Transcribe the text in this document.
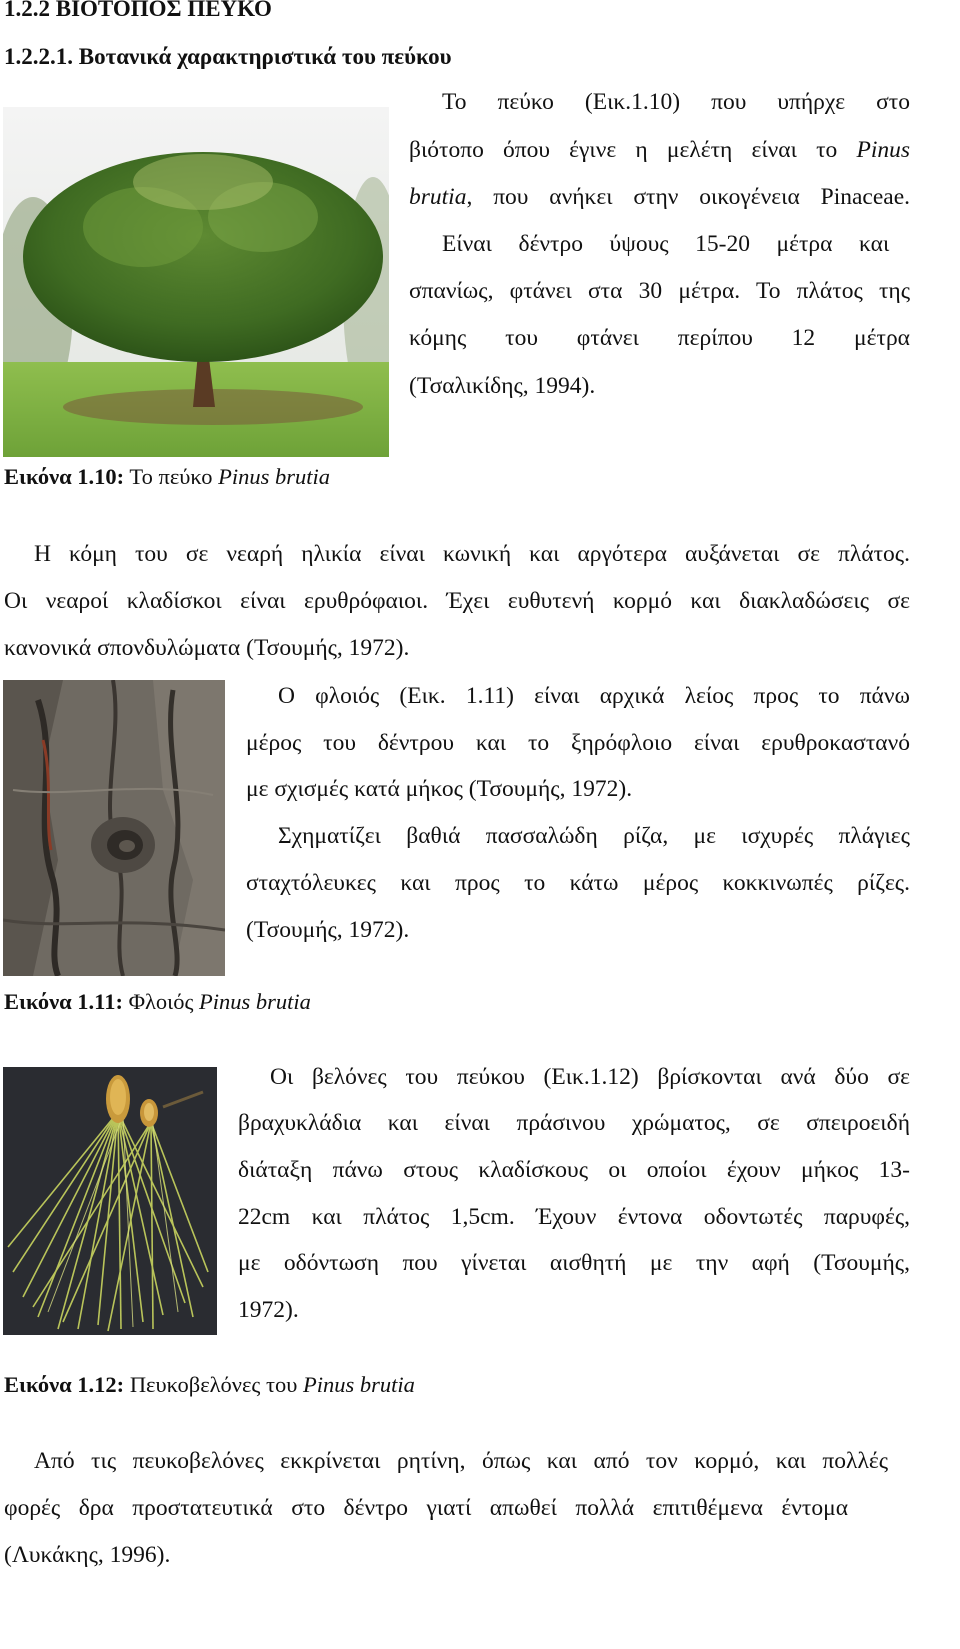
1.2.2 ΒΙΟΤΟΠΟΣ ΠΕΥΚΟ
1.2.2.1. Βοτανικά χαρακτηριστικά του πεύκου
Το πεύκο (Εικ.1.10) που υπήρχε στο
βιότοπο όπου έγινε η μελέτη είναι το Pinus
brutia, που ανήκει στην οικογένεια Pinaceae.
Είναι δέντρο ύψους 15-20 μέτρα και
σπανίως, φτάνει στα 30 μέτρα. Το πλάτος της
κόμης του φτάνει περίπου 12 μέτρα
(Τσαλικίδης, 1994).
Εικόνα 1.10: Το πεύκο Pinus brutia
Η κόμη του σε νεαρή ηλικία είναι κωνική και αργότερα αυξάνεται σε πλάτος.
Οι νεαροί κλαδίσκοι είναι ερυθρόφαιοι. Έχει ευθυτενή κορμό και διακλαδώσεις σε
κανονικά σπονδυλώματα (Τσουμής, 1972).
Ο φλοιός (Εικ. 1.11) είναι αρχικά λείος προς το πάνω
μέρος του δέντρου και το ξηρόφλοιο είναι ερυθροκαστανό
με σχισμές κατά μήκος (Τσουμής, 1972).
Σχηματίζει βαθιά πασσαλώδη ρίζα, με ισχυρές πλάγιες
σταχτόλευκες και προς το κάτω μέρος κοκκινωπές ρίζες.
(Τσουμής, 1972).
Εικόνα 1.11: Φλοιός Pinus brutia
Οι βελόνες του πεύκου (Εικ.1.12) βρίσκονται ανά δύο σε
βραχυκλάδια και είναι πράσινου χρώματος, σε σπειροειδή
διάταξη πάνω στους κλαδίσκους οι οποίοι έχουν μήκος 13-
22cm και πλάτος 1,5cm. Έχουν έντονα οδοντωτές παρυφές,
με οδόντωση που γίνεται αισθητή με την αφή (Τσουμής,
1972).
Εικόνα 1.12: Πευκοβελόνες του Pinus brutia
Από τις πευκοβελόνες εκκρίνεται ρητίνη, όπως και από τον κορμό, και πολλές
φορές δρα προστατευτικά στο δέντρο γιατί απωθεί πολλά επιτιθέμενα έντομα
(Λυκάκης, 1996).
